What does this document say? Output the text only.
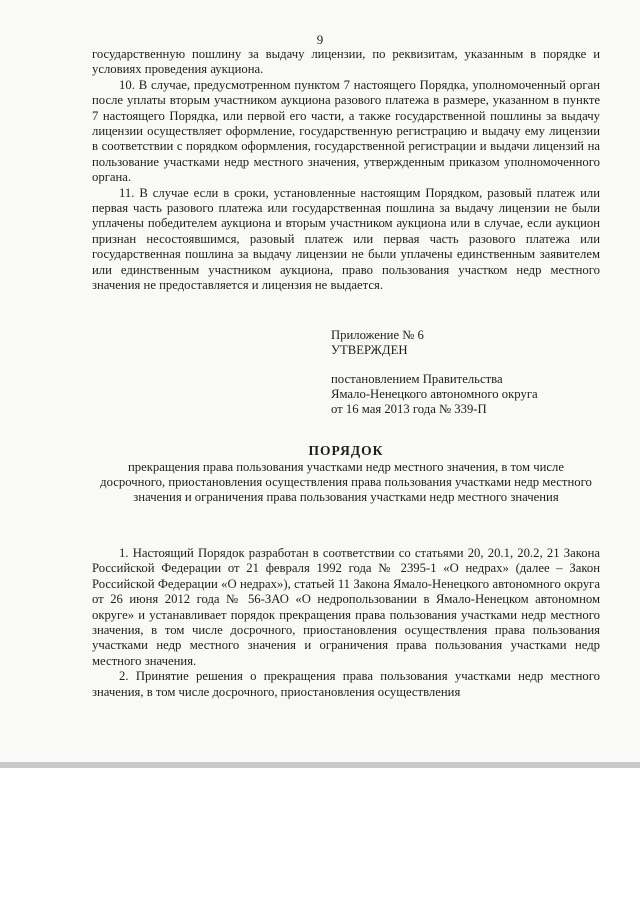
9

государственную пошлину за выдачу лицензии, по реквизитам, указанным в порядке и условиях проведения аукциона.

10. В случае, предусмотренном пунктом 7 настоящего Порядка, уполномоченный орган после уплаты вторым участником аукциона разового платежа в размере, указанном в пункте 7 настоящего Порядка, или первой его части, а также государственной пошлины за выдачу лицензии осуществляет оформление, государственную регистрацию и выдачу ему лицензии в соответствии с порядком оформления, государственной регистрации и выдачи лицензий на пользование участками недр местного значения, утвержденным приказом уполномоченного органа.

11. В случае если в сроки, установленные настоящим Порядком, разовый платеж или первая часть разового платежа или государственная пошлина за выдачу лицензии не были уплачены победителем аукциона и вторым участником аукциона или в случае, если аукцион признан несостоявшимся, разовый платеж или первая часть разового платежа или государственная пошлина за выдачу лицензии не были уплачены единственным заявителем или единственным участником аукциона, право пользования участком недр местного значения не предоставляется и лицензия не выдается.

Приложение № 6
УТВЕРЖДЕН
постановлением Правительства
Ямало-Ненецкого автономного округа
от 16 мая 2013 года № 339-П
ПОРЯДОК
прекращения права пользования участками недр местного значения, в том числе досрочного, приостановления осуществления права пользования участками недр местного значения и ограничения права пользования участками недр местного значения

1. Настоящий Порядок разработан в соответствии со статьями 20, 20.1, 20.2, 21 Закона Российской Федерации от 21 февраля 1992 года № 2395-1 «О недрах» (далее – Закон Российской Федерации «О недрах»), статьей 11 Закона Ямало-Ненецкого автономного округа от 26 июня 2012 года № 56-ЗАО «О недропользовании в Ямало-Ненецком автономном округе» и устанавливает порядок прекращения права пользования участками недр местного значения, в том числе досрочного, приостановления осуществления права пользования участками недр местного значения и ограничения права пользования участками недр местного значения.

2. Принятие решения о прекращения права пользования участками недр местного значения, в том числе досрочного, приостановления осуществления
